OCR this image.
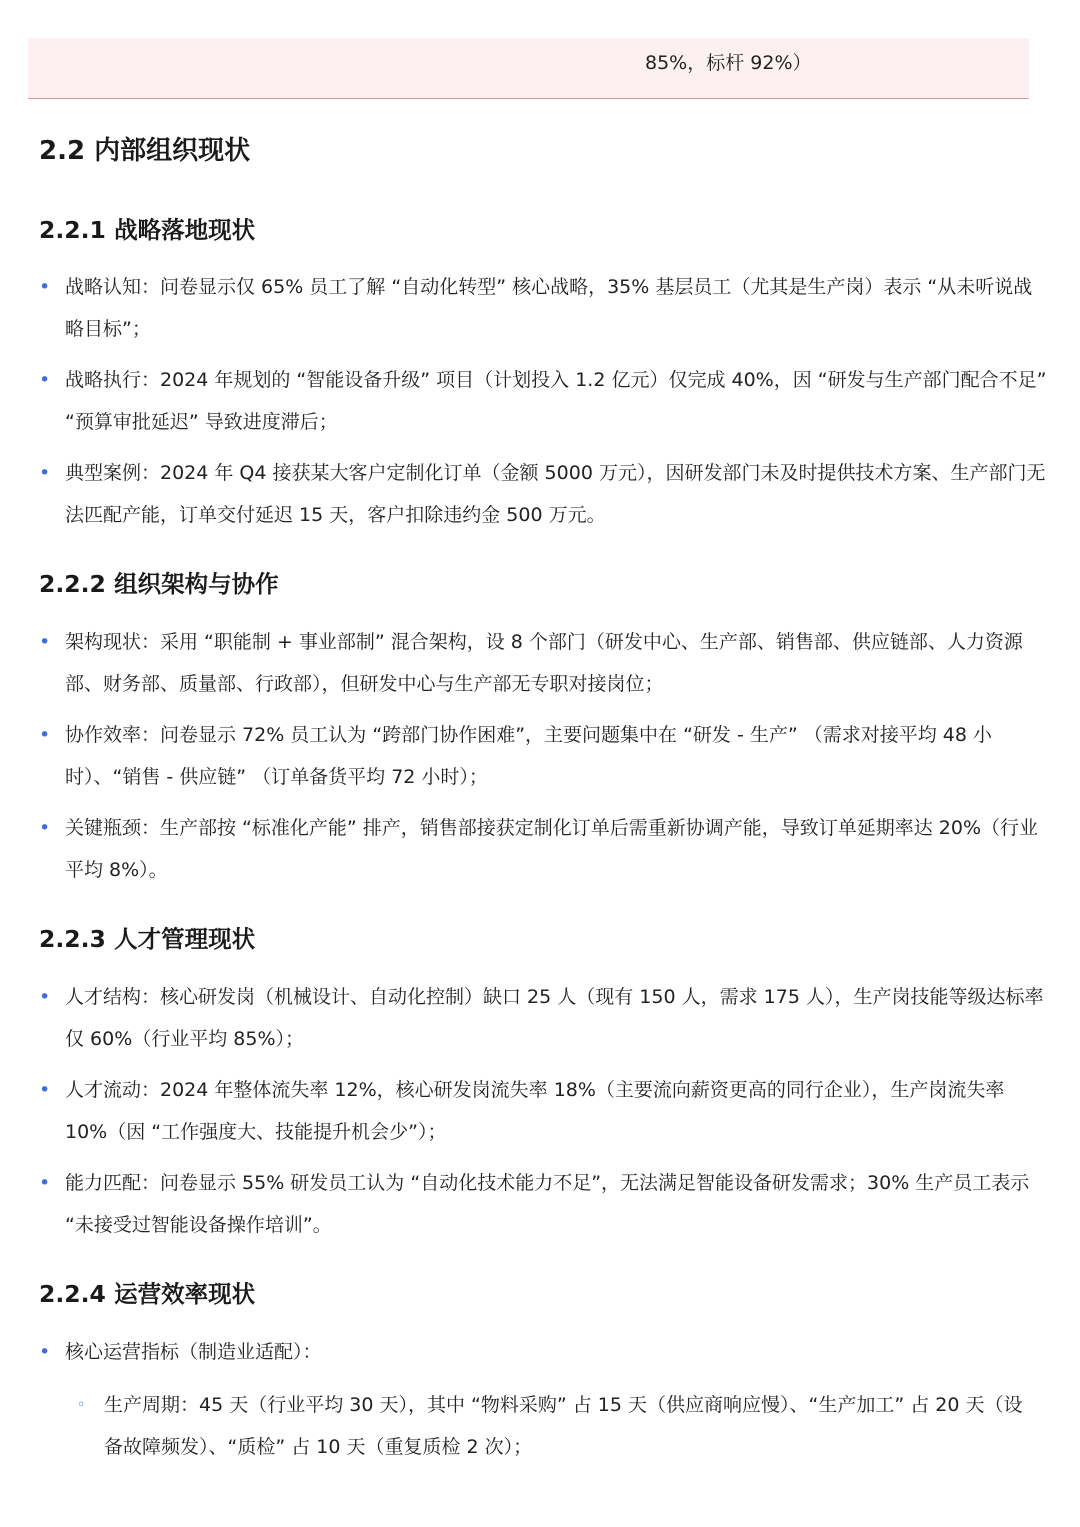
85%，标杆 92%）
2.2 内部组织现状
2.2.1 战略落地现状
•
战略认知：问卷显示仅 65% 员工了解 “自动化转型” 核心战略，35% 基层员工（尤其是生产岗）表示 “从未听说战略目标”；
•
战略执行：2024 年规划的 “智能设备升级” 项目（计划投入 1.2 亿元）仅完成 40%，因 “研发与生产部门配合不足” “预算审批延迟” 导致进度滞后；
•
典型案例：2024 年 Q4 接获某大客户定制化订单（金额 5000 万元），因研发部门未及时提供技术方案、生产部门无法匹配产能，订单交付延迟 15 天，客户扣除违约金 500 万元。
2.2.2 组织架构与协作
•
架构现状：采用 “职能制 + 事业部制” 混合架构，设 8 个部门（研发中心、生产部、销售部、供应链部、人力资源部、财务部、质量部、行政部），但研发中心与生产部无专职对接岗位；
•
协作效率：问卷显示 72% 员工认为 “跨部门协作困难”，主要问题集中在 “研发 - 生产” （需求对接平均 48 小时）、“销售 - 供应链” （订单备货平均 72 小时）；
•
关键瓶颈：生产部按 “标准化产能” 排产，销售部接获定制化订单后需重新协调产能，导致订单延期率达 20%（行业平均 8%）。
2.2.3 人才管理现状
•
人才结构：核心研发岗（机械设计、自动化控制）缺口 25 人（现有 150 人，需求 175 人），生产岗技能等级达标率仅 60%（行业平均 85%）；
•
人才流动：2024 年整体流失率 12%，核心研发岗流失率 18%（主要流向薪资更高的同行企业），生产岗流失率 10%（因 “工作强度大、技能提升机会少”）；
•
能力匹配：问卷显示 55% 研发员工认为 “自动化技术能力不足”，无法满足智能设备研发需求；30% 生产员工表示 “未接受过智能设备操作培训”。
2.2.4 运营效率现状
•
核心运营指标（制造业适配）：
◦
生产周期：45 天（行业平均 30 天），其中 “物料采购” 占 15 天（供应商响应慢）、“生产加工” 占 20 天（设备故障频发）、“质检” 占 10 天（重复质检 2 次）；
